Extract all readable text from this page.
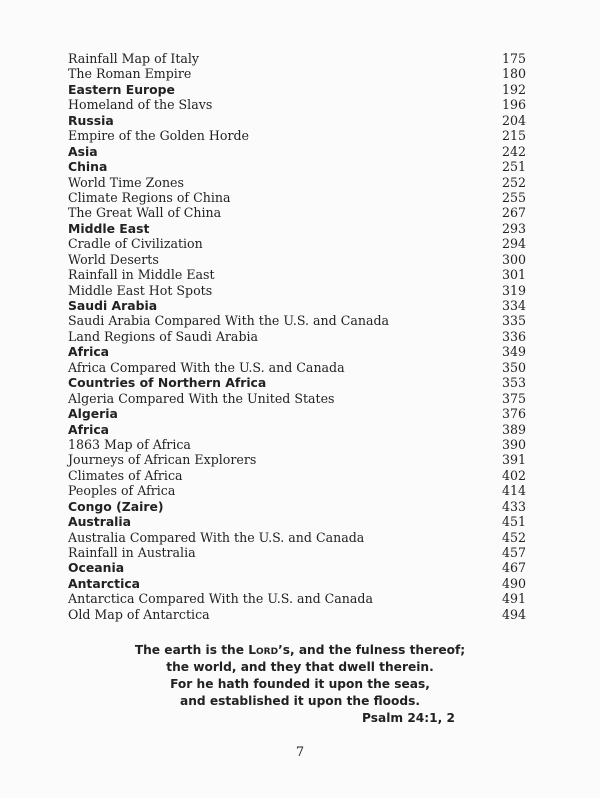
Rainfall Map of Italy	175
The Roman Empire	180
Eastern Europe	192
Homeland of the Slavs	196
Russia	204
Empire of the Golden Horde	215
Asia	242
China	251
World Time Zones	252
Climate Regions of China	255
The Great Wall of China	267
Middle East	293
Cradle of Civilization	294
World Deserts	300
Rainfall in Middle East	301
Middle East Hot Spots	319
Saudi Arabia	334
Saudi Arabia Compared With the U.S. and Canada	335
Land Regions of Saudi Arabia	336
Africa	349
Africa Compared With the U.S. and Canada	350
Countries of Northern Africa	353
Algeria Compared With the United States	375
Algeria	376
Africa	389
1863 Map of Africa	390
Journeys of African Explorers	391
Climates of Africa	402
Peoples of Africa	414
Congo (Zaire)	433
Australia	451
Australia Compared With the U.S. and Canada	452
Rainfall in Australia	457
Oceania	467
Antarctica	490
Antarctica Compared With the U.S. and Canada	491
Old Map of Antarctica	494
The earth is the Lord’s, and the fulness thereof;
the world, and they that dwell therein.
For he hath founded it upon the seas,
and established it upon the floods.
Psalm 24:1, 2
7
